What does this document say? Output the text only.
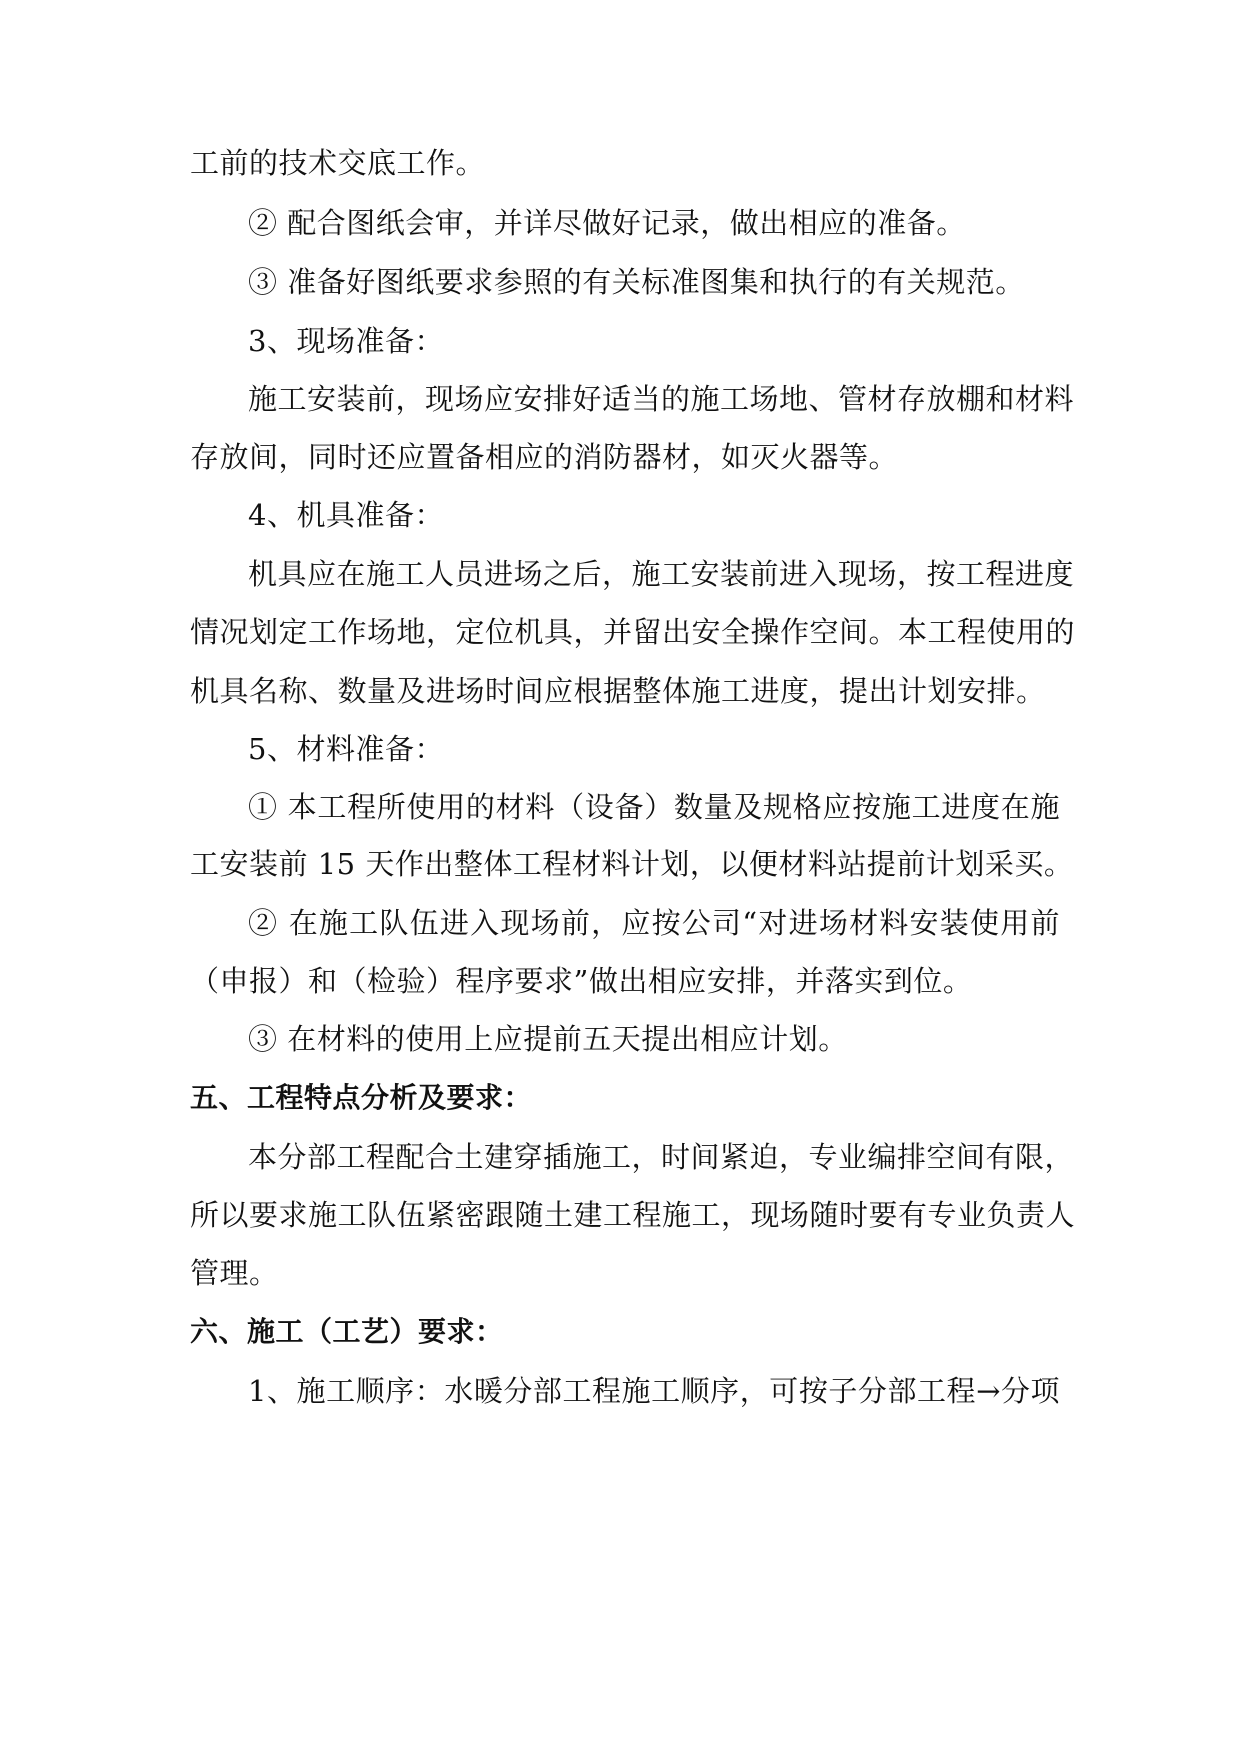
工前的技术交底工作。
② 配合图纸会审，并详尽做好记录，做出相应的准备。
③ 准备好图纸要求参照的有关标准图集和执行的有关规范。
3、现场准备：
施工安装前，现场应安排好适当的施工场地、管材存放棚和材料
存放间，同时还应置备相应的消防器材，如灭火器等。
4、机具准备：
机具应在施工人员进场之后，施工安装前进入现场，按工程进度
情况划定工作场地，定位机具，并留出安全操作空间。本工程使用的
机具名称、数量及进场时间应根据整体施工进度，提出计划安排。
5、材料准备：
① 本工程所使用的材料（设备）数量及规格应按施工进度在施
工安装前 15 天作出整体工程材料计划，以便材料站提前计划采买。
② 在施工队伍进入现场前，应按公司“对进场材料安装使用前
（申报）和（检验）程序要求”做出相应安排，并落实到位。
③ 在材料的使用上应提前五天提出相应计划。
五、工程特点分析及要求：
本分部工程配合土建穿插施工，时间紧迫，专业编排空间有限，
所以要求施工队伍紧密跟随土建工程施工，现场随时要有专业负责人
管理。
六、施工（工艺）要求：
1、施工顺序：水暖分部工程施工顺序，可按子分部工程→分项
